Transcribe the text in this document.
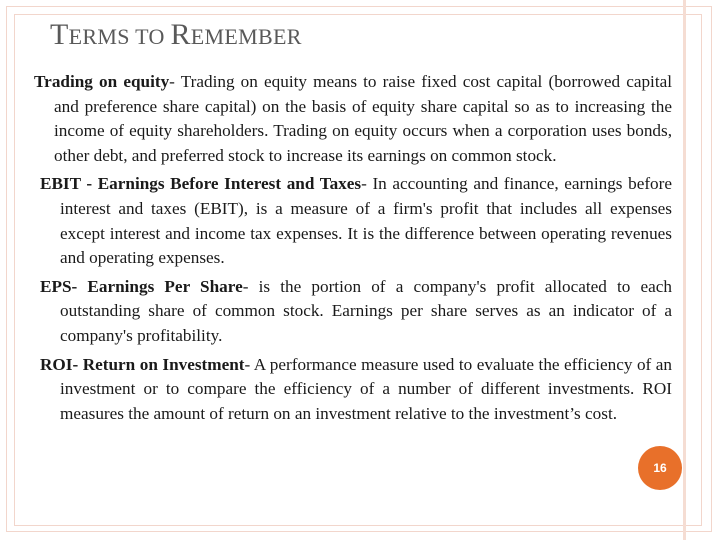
TERMS TO REMEMBER
Trading on equity- Trading on equity means to raise fixed cost capital (borrowed capital and preference share capital) on the basis of equity share capital so as to increasing the income of equity shareholders. Trading on equity occurs when a corporation uses bonds, other debt, and preferred stock to increase its earnings on common stock.
EBIT - Earnings Before Interest and Taxes- In accounting and finance, earnings before interest and taxes (EBIT), is a measure of a firm's profit that includes all expenses except interest and income tax expenses. It is the difference between operating revenues and operating expenses.
EPS- Earnings Per Share- is the portion of a company's profit allocated to each outstanding share of common stock. Earnings per share serves as an indicator of a company's profitability.
ROI- Return on Investment- A performance measure used to evaluate the efficiency of an investment or to compare the efficiency of a number of different investments. ROI measures the amount of return on an investment relative to the investment’s cost.
16
